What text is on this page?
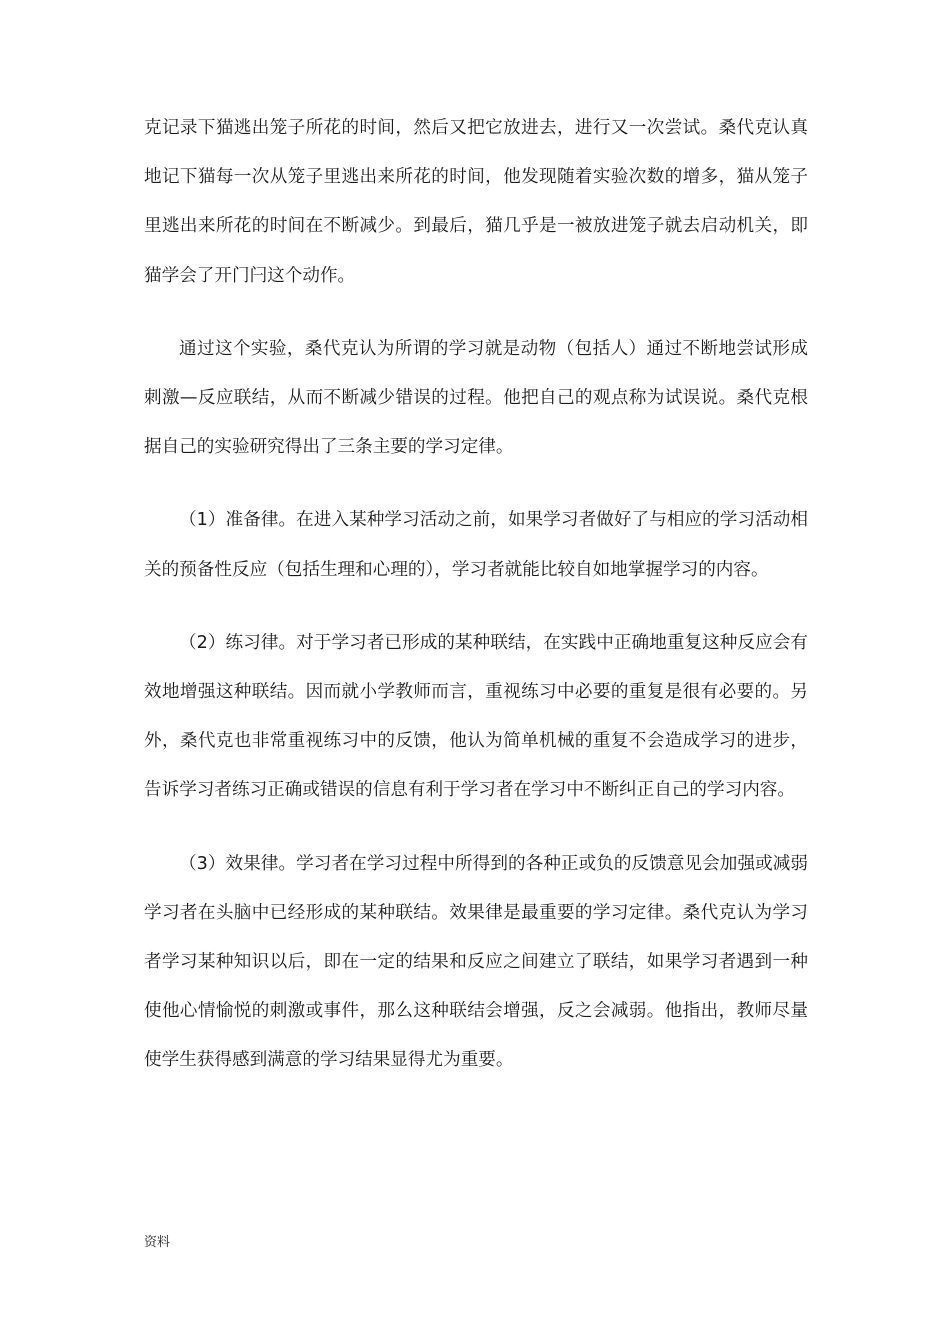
克记录下猫逃出笼子所花的时间，然后又把它放进去，进行又一次尝试。桑代克认真地记下猫每一次从笼子里逃出来所花的时间，他发现随着实验次数的增多，猫从笼子里逃出来所花的时间在不断减少。到最后，猫几乎是一被放进笼子就去启动机关，即猫学会了开门闩这个动作。

通过这个实验，桑代克认为所谓的学习就是动物（包括人）通过不断地尝试形成刺激—反应联结，从而不断减少错误的过程。他把自己的观点称为试误说。桑代克根据自己的实验研究得出了三条主要的学习定律。

（1）准备律。在进入某种学习活动之前，如果学习者做好了与相应的学习活动相关的预备性反应（包括生理和心理的），学习者就能比较自如地掌握学习的内容。

（2）练习律。对于学习者已形成的某种联结，在实践中正确地重复这种反应会有效地增强这种联结。因而就小学教师而言，重视练习中必要的重复是很有必要的。另外，桑代克也非常重视练习中的反馈，他认为简单机械的重复不会造成学习的进步，告诉学习者练习正确或错误的信息有利于学习者在学习中不断纠正自己的学习内容。

（3）效果律。学习者在学习过程中所得到的各种正或负的反馈意见会加强或减弱学习者在头脑中已经形成的某种联结。效果律是最重要的学习定律。桑代克认为学习者学习某种知识以后，即在一定的结果和反应之间建立了联结，如果学习者遇到一种使他心情愉悦的刺激或事件，那么这种联结会增强，反之会减弱。他指出，教师尽量使学生获得感到满意的学习结果显得尤为重要。

资料
